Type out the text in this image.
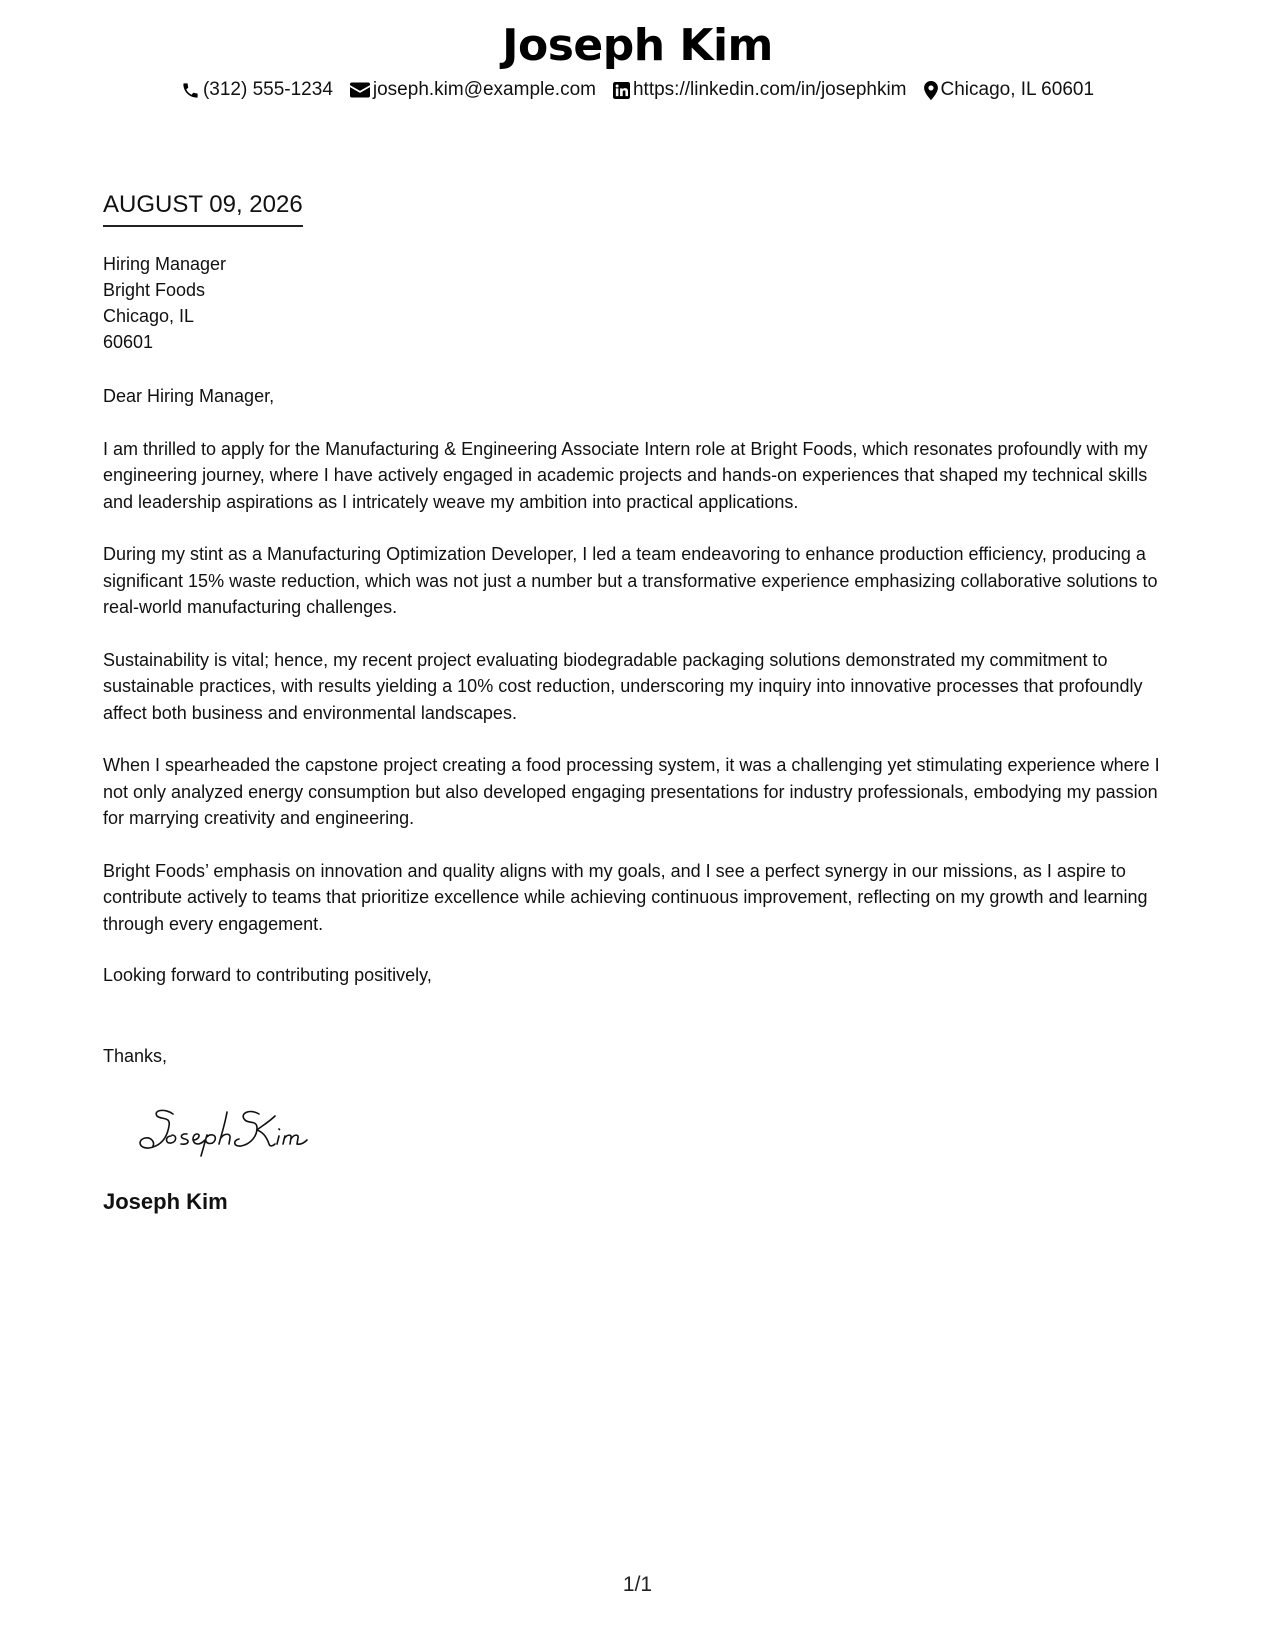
Joseph Kim
(312) 555-1234 joseph.kim@example.com https://linkedin.com/in/josephkim Chicago, IL 60601
AUGUST 09, 2026
Hiring Manager
Bright Foods
Chicago, IL
60601

Dear Hiring Manager,

I am thrilled to apply for the Manufacturing & Engineering Associate Intern role at Bright Foods, which resonates profoundly with my engineering journey, where I have actively engaged in academic projects and hands-on experiences that shaped my technical skills and leadership aspirations as I intricately weave my ambition into practical applications.

During my stint as a Manufacturing Optimization Developer, I led a team endeavoring to enhance production efficiency, producing a significant 15% waste reduction, which was not just a number but a transformative experience emphasizing collaborative solutions to real-world manufacturing challenges.

Sustainability is vital; hence, my recent project evaluating biodegradable packaging solutions demonstrated my commitment to sustainable practices, with results yielding a 10% cost reduction, underscoring my inquiry into innovative processes that profoundly affect both business and environmental landscapes.

When I spearheaded the capstone project creating a food processing system, it was a challenging yet stimulating experience where I not only analyzed energy consumption but also developed engaging presentations for industry professionals, embodying my passion for marrying creativity and engineering.

Bright Foods’ emphasis on innovation and quality aligns with my goals, and I see a perfect synergy in our missions, as I aspire to contribute actively to teams that prioritize excellence while achieving continuous improvement, reflecting on my growth and learning through every engagement.

Looking forward to contributing positively,
Thanks,
Joseph Kim
1/1
